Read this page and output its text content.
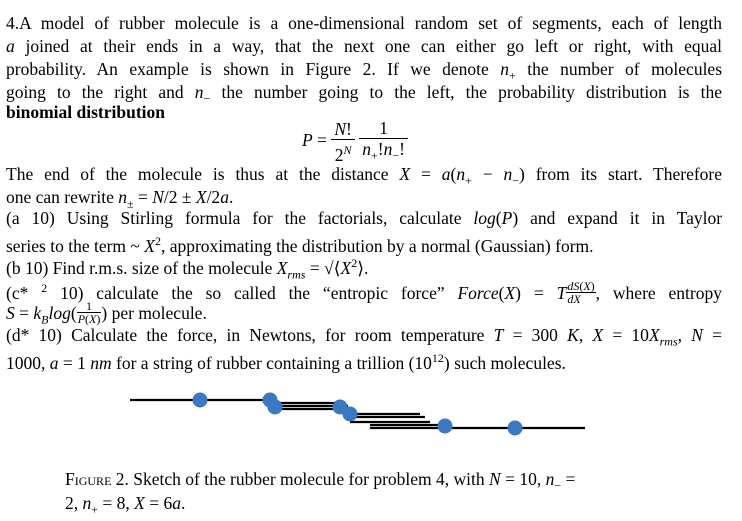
4.A model of rubber molecule is a one-dimensional random set of segments, each of length
a joined at their ends in a way, that the next one can either go left or right, with equal
probability. An example is shown in Figure 2. If we denote $n_+$ the number of molecules
going to the right and $n_-$ the number going to the left, the probability distribution is the
binomial distribution
$P = \frac{N!}{2^N}$
$\frac{1}{n_+!n_-!}$
The end of the molecule is thus at the distance $X = a(n_+ - n_-)$ from its start. Therefore
one can rewrite $n_\pm = N/2 \pm X/2a$.
(a 10) Using Stirling formula for the factorials, calculate log(P) and expand it in Taylor
series to the term ~ $X^2$, approximating the distribution by a normal (Gaussian) form.
(b 10) Find r.m.s. size of the molecule $X_{rms}$ = $√⟨X^2⟩$.
(c* $^2$ 10) calculate the so called the “entropic force” Force(X) = T $\frac{dS(X)}{dX}$ , where entropy
$S = k_B\log( \frac{1}{P(X)}$ ) per molecule.
(d* 10) Calculate the force, in Newtons, for room temperature T = 300 K, $X = 10X_{rms}$, N =
1000, a = 1 nm for a string of rubber containing a trillion $(10^{12})$ such molecules.
Figure 2. Sketch of the rubber molecule for problem 4, with N = 10, $n_-$ =
2, $n_+ = 8$, X = 6a.
